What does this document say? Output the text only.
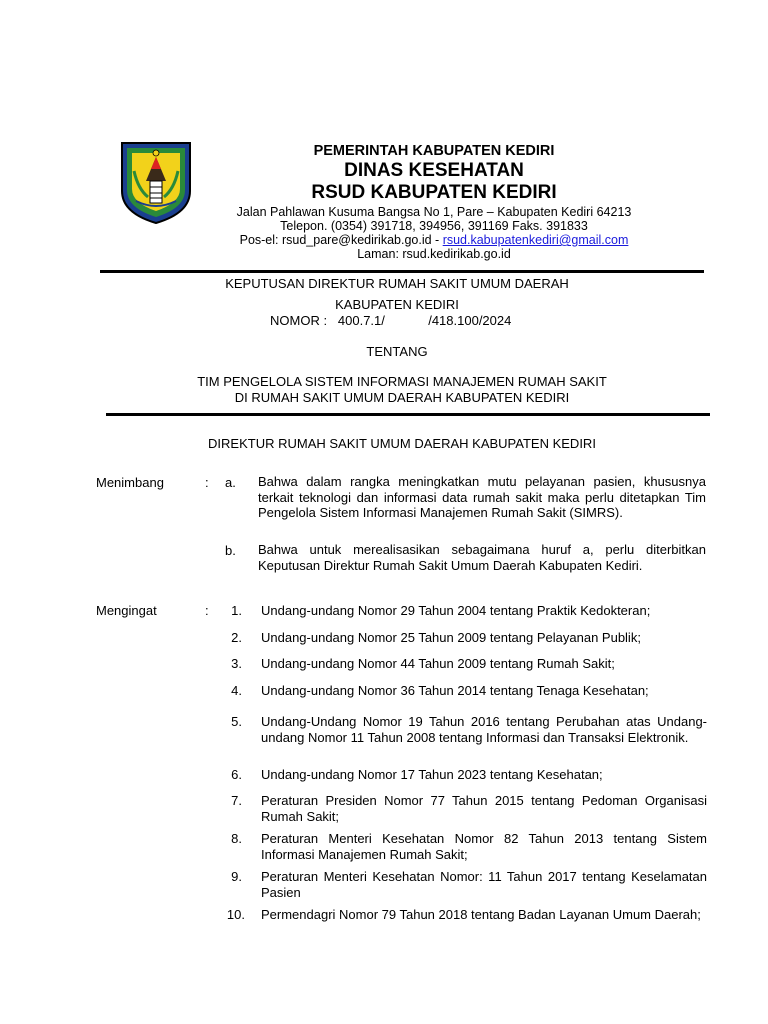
PEMERINTAH KABUPATEN KEDIRI
DINAS KESEHATAN
RSUD KABUPATEN KEDIRI
Jalan Pahlawan Kusuma Bangsa No 1, Pare – Kabupaten Kediri 64213
Telepon. (0354) 391718, 394956, 391169 Faks. 391833
Pos-el: rsud_pare@kedirikab.go.id - rsud.kabupatenkediri@gmail.com
Laman: rsud.kedirikab.go.id
KEPUTUSAN DIREKTUR RUMAH SAKIT UMUM DAERAH
KABUPATEN KEDIRI
NOMOR :   400.7.1/            /418.100/2024
TENTANG
TIM PENGELOLA SISTEM INFORMASI MANAJEMEN RUMAH SAKIT
DI RUMAH SAKIT UMUM DAERAH KABUPATEN KEDIRI
DIREKTUR RUMAH SAKIT UMUM DAERAH KABUPATEN KEDIRI
Menimbang	: a. Bahwa dalam rangka meningkatkan mutu pelayanan pasien, khususnya terkait teknologi dan informasi data rumah sakit maka perlu ditetapkan Tim Pengelola Sistem Informasi Manajemen Rumah Sakit (SIMRS).
b. Bahwa untuk merealisasikan sebagaimana huruf a, perlu diterbitkan Keputusan Direktur Rumah Sakit Umum Daerah Kabupaten Kediri.
Mengingat	:	1. Undang-undang Nomor 29 Tahun 2004 tentang Praktik Kedokteran;
2. Undang-undang Nomor 25 Tahun 2009 tentang Pelayanan Publik;
3. Undang-undang Nomor 44 Tahun 2009 tentang Rumah Sakit;
4. Undang-undang Nomor 36 Tahun 2014 tentang Tenaga Kesehatan;
5. Undang-Undang Nomor 19 Tahun 2016 tentang Perubahan atas Undang-undang Nomor 11 Tahun 2008 tentang Informasi dan Transaksi Elektronik.
6. Undang-undang Nomor 17 Tahun 2023 tentang Kesehatan;
7. Peraturan Presiden Nomor 77 Tahun 2015 tentang Pedoman Organisasi Rumah Sakit;
8. Peraturan Menteri Kesehatan Nomor 82 Tahun 2013 tentang Sistem Informasi Manajemen Rumah Sakit;
9. Peraturan Menteri Kesehatan Nomor: 11 Tahun 2017 tentang Keselamatan Pasien
10. Permendagri Nomor 79 Tahun 2018 tentang Badan Layanan Umum Daerah;
